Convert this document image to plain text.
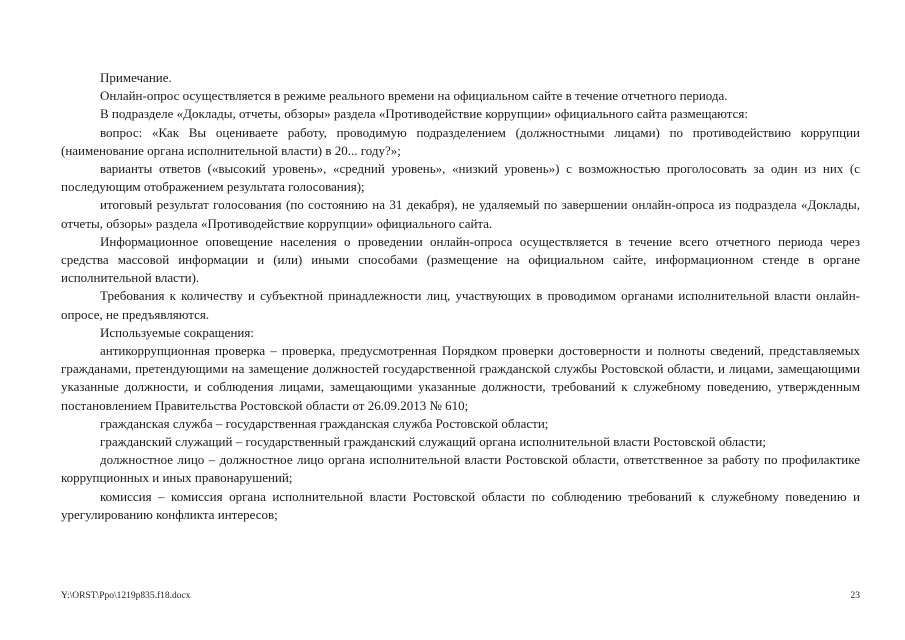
Примечание.

Онлайн-опрос осуществляется в режиме реального времени на официальном сайте в течение отчетного периода.

В подразделе «Доклады, отчеты, обзоры» раздела «Противодействие коррупции» официального сайта размещаются:

вопрос: «Как Вы оцениваете работу, проводимую подразделением (должностными лицами) по противодействию коррупции (наименование органа исполнительной власти) в 20... году?»;

варианты ответов («высокий уровень», «средний уровень», «низкий уровень») с возможностью проголосовать за один из них (с последующим отображением результата голосования);

итоговый результат голосования (по состоянию на 31 декабря), не удаляемый по завершении онлайн-опроса из подраздела «Доклады, отчеты, обзоры» раздела «Противодействие коррупции» официального сайта.

Информационное оповещение населения о проведении онлайн-опроса осуществляется в течение всего отчетного периода через средства массовой информации и (или) иными способами (размещение на официальном сайте, информационном стенде в органе исполнительной власти).

Требования к количеству и субъектной принадлежности лиц, участвующих в проводимом органами исполнительной власти онлайн-опросе, не предъявляются.

Используемые сокращения:

антикоррупционная проверка – проверка, предусмотренная Порядком проверки достоверности и полноты сведений, представляемых гражданами, претендующими на замещение должностей государственной гражданской службы Ростовской области, и лицами, замещающими указанные должности, и соблюдения лицами, замещающими указанные должности, требований к служебному поведению, утвержденным постановлением Правительства Ростовской области от 26.09.2013 № 610;

гражданская служба – государственная гражданская служба Ростовской области;

гражданский служащий – государственный гражданский служащий органа исполнительной власти Ростовской области;

должностное лицо – должностное лицо органа исполнительной власти Ростовской области, ответственное за работу по профилактике коррупционных и иных правонарушений;

комиссия – комиссия органа исполнительной власти Ростовской области по соблюдению требований к служебному поведению и урегулированию конфликта интересов;

Y:\ORST\Ppo\1219p835.f18.docx	23
